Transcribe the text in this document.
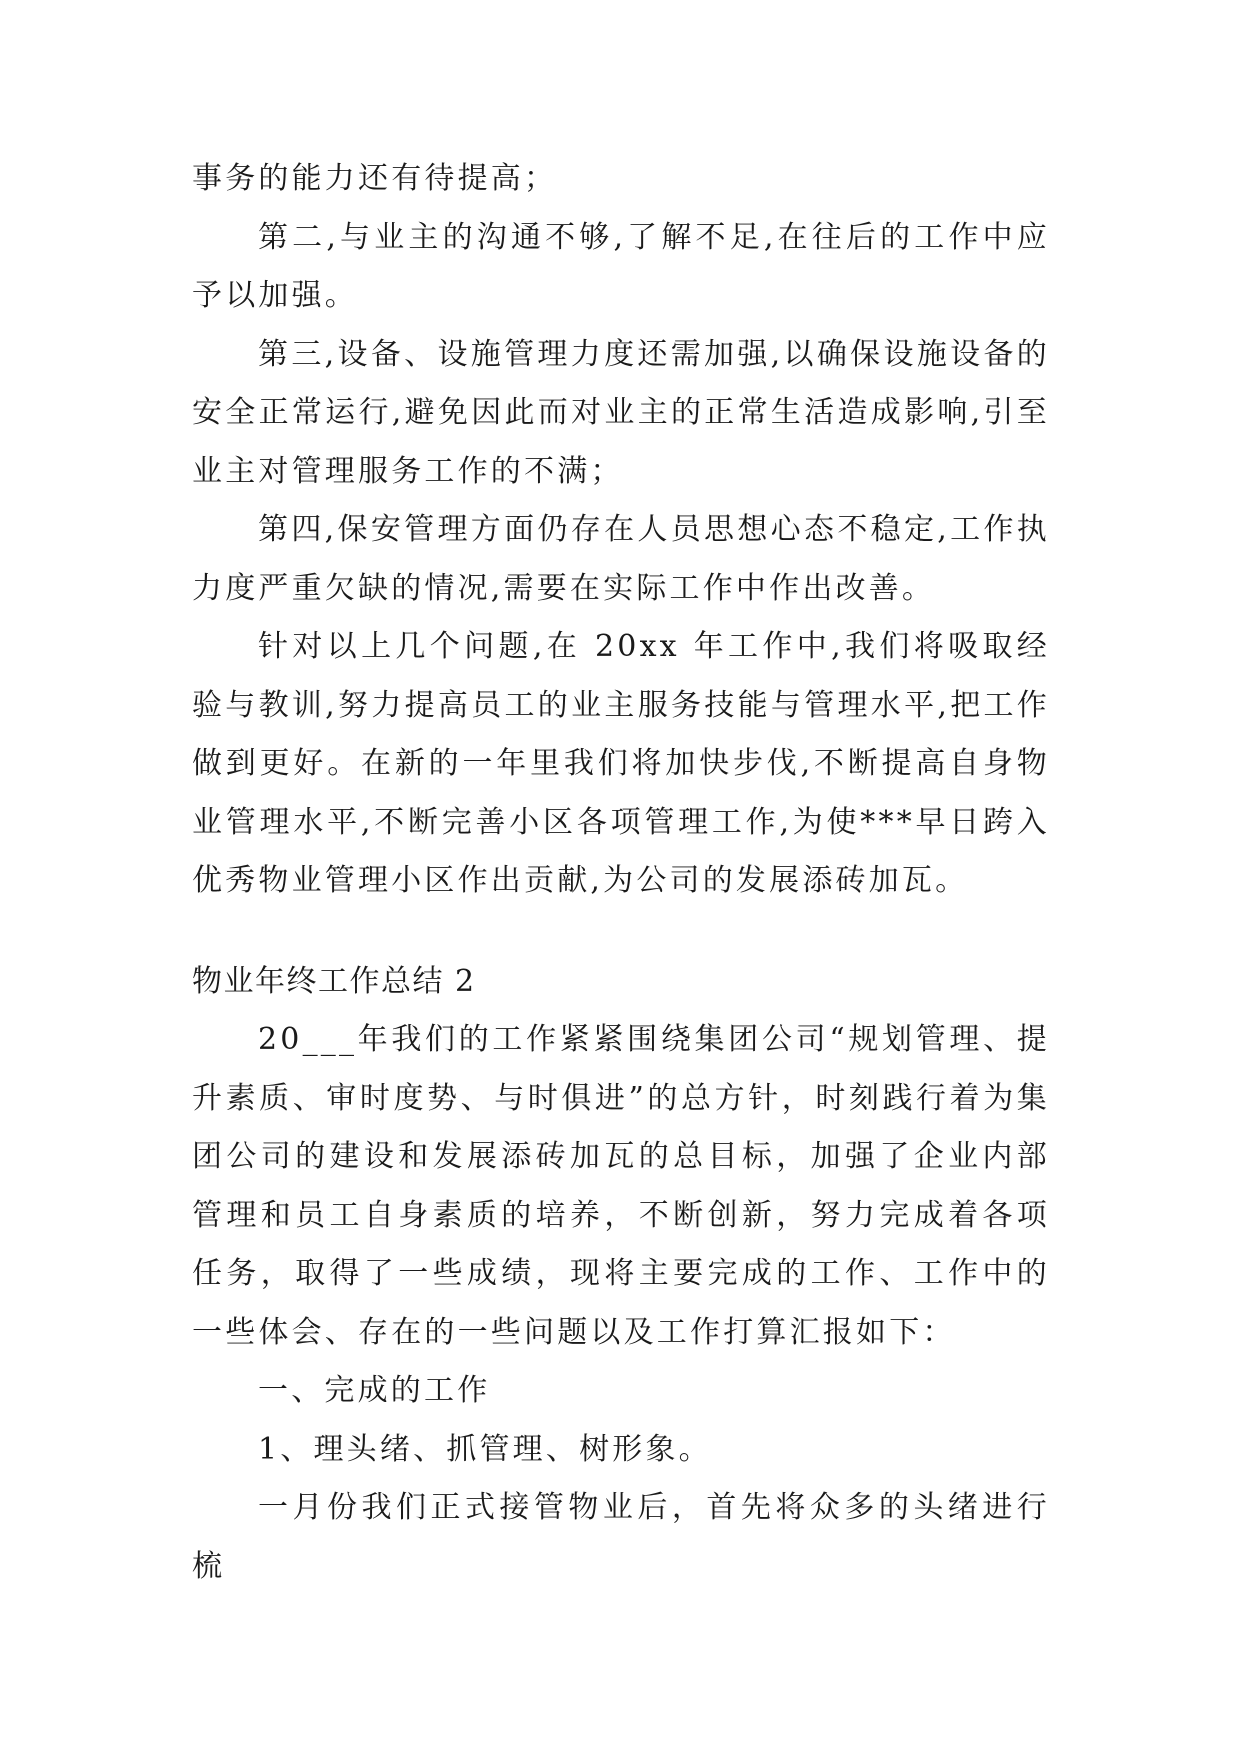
事务的能力还有待提高；

第二,与业主的沟通不够,了解不足,在往后的工作中应予以加强。

第三,设备、设施管理力度还需加强,以确保设施设备的安全正常运行,避免因此而对业主的正常生活造成影响,引至业主对管理服务工作的不满；

第四,保安管理方面仍存在人员思想心态不稳定,工作执力度严重欠缺的情况,需要在实际工作中作出改善。

针对以上几个问题,在 20xx 年工作中,我们将吸取经验与教训,努力提高员工的业主服务技能与管理水平,把工作做到更好。在新的一年里我们将加快步伐,不断提高自身物业管理水平,不断完善小区各项管理工作,为使***早日跨入优秀物业管理小区作出贡献,为公司的发展添砖加瓦。

物业年终工作总结 2

20___年我们的工作紧紧围绕集团公司“规划管理、提升素质、审时度势、与时俱进”的总方针，时刻践行着为集团公司的建设和发展添砖加瓦的总目标，加强了企业内部管理和员工自身素质的培养，不断创新，努力完成着各项任务，取得了一些成绩，现将主要完成的工作、工作中的一些体会、存在的一些问题以及工作打算汇报如下：

一、完成的工作

1、理头绪、抓管理、树形象。

一月份我们正式接管物业后，首先将众多的头绪进行梳
